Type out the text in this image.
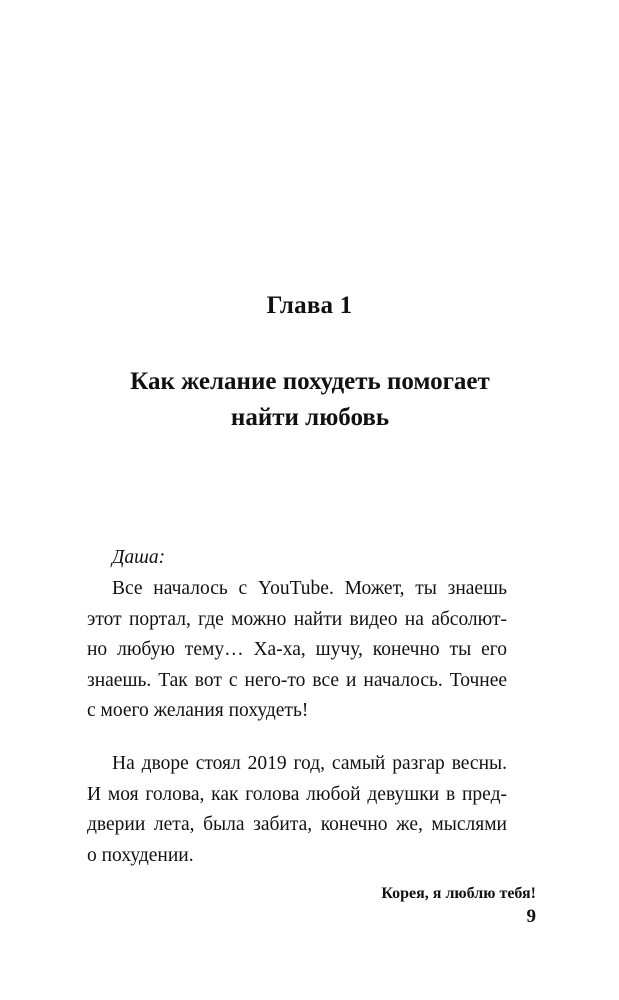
Глава 1
Как желание похудеть помогает
найти любовь
Даша:
Все началось с YouTube. Может, ты знаешь
этот портал, где можно найти видео на абсолют-
но любую тему… Ха-ха, шучу, конечно ты его
знаешь. Так вот с него-то все и началось. Точнее
с моего желания похудеть!
На дворе стоял 2019 год, самый разгар весны.
И моя голова, как голова любой девушки в пред-
дверии лета, была забита, конечно же, мыслями
о похудении.
Корея, я люблю тебя!
9
